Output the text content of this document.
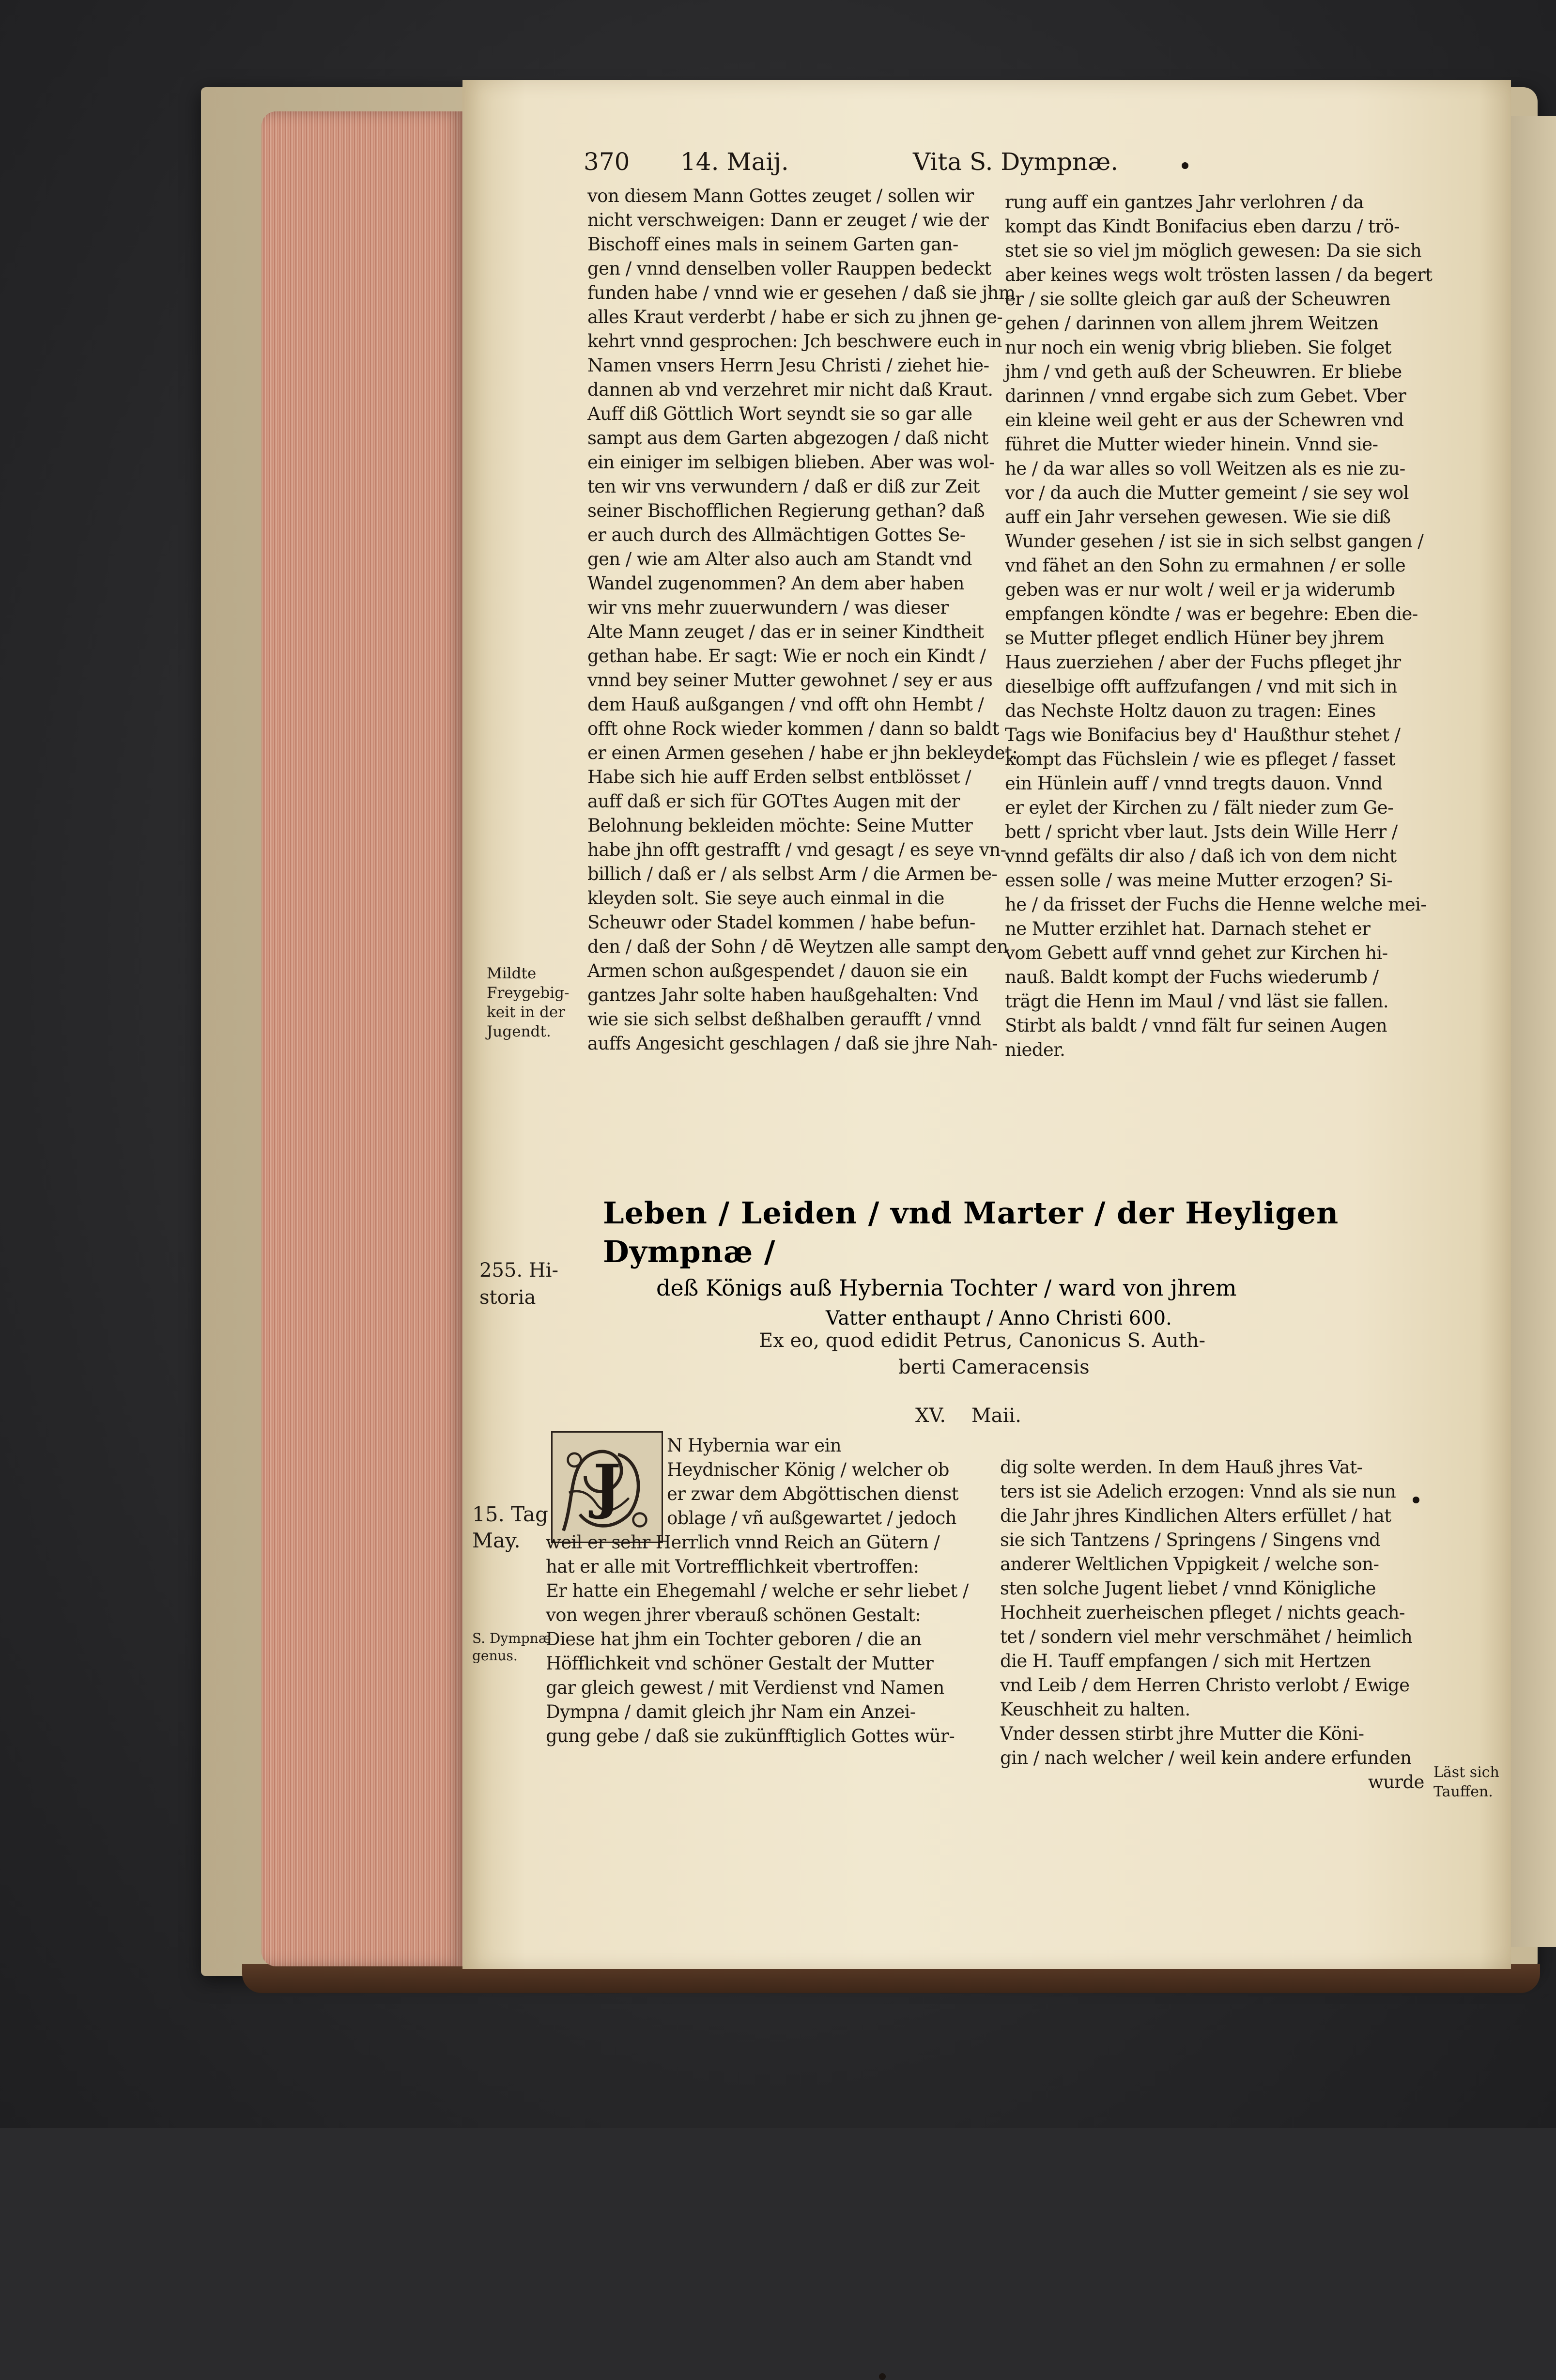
370 14. Maij.	Vita S. Dympnæ.
von diesem Mann Gottes zeuget / sollen wir
nicht verschweigen: Dann er zeuget / wie der
Bischoff eines mals in seinem Garten gan-
gen / vnnd denselben voller Rauppen bedeckt
funden habe / vnnd wie er gesehen / daß sie jhm
alles Kraut verderbt / habe er sich zu jhnen ge-
kehrt vnnd gesprochen: Jch beschwere euch in
Namen vnsers Herrn Jesu Christi / ziehet hie-
dannen ab vnd verzehret mir nicht daß Kraut.
Auff diß Göttlich Wort seyndt sie so gar alle
sampt aus dem Garten abgezogen / daß nicht
ein einiger im selbigen blieben. Aber was wol-
ten wir vns verwundern / daß er diß zur Zeit
seiner Bischofflichen Regierung gethan? daß
er auch durch des Allmächtigen Gottes Se-
gen / wie am Alter also auch am Standt vnd
Wandel zugenommen? An dem aber haben
wir vns mehr zuuerwundern / was dieser
Alte Mann zeuget / das er in seiner Kindtheit
gethan habe. Er sagt: Wie er noch ein Kindt /
vnnd bey seiner Mutter gewohnet / sey er aus
dem Hauß außgangen / vnd offt ohn Hembt /
offt ohne Rock wieder kommen / dann so baldt
er einen Armen gesehen / habe er jhn bekleydet:
Habe sich hie auff Erden selbst entblösset /
auff daß er sich für GOTtes Augen mit der
Belohnung bekleiden möchte: Seine Mutter
habe jhn offt gestrafft / vnd gesagt / es seye vn-
billich / daß er / als selbst Arm / die Armen be-
kleyden solt. Sie seye auch einmal in die
Scheuwr oder Stadel kommen / habe befun-
den / daß der Sohn / dē Weytzen alle sampt den
Armen schon außgespendet / dauon sie ein
gantzes Jahr solte haben haußgehalten: Vnd
wie sie sich selbst deßhalben geraufft / vnnd
auffs Angesicht geschlagen / daß sie jhre Nah-
rung auff ein gantzes Jahr verlohren / da
kompt das Kindt Bonifacius eben darzu / trö-
stet sie so viel jm möglich gewesen: Da sie sich
aber keines wegs wolt trösten lassen / da begert
er / sie sollte gleich gar auß der Scheuwren
gehen / darinnen von allem jhrem Weitzen
nur noch ein wenig vbrig blieben. Sie folget
jhm / vnd geth auß der Scheuwren. Er bliebe
darinnen / vnnd ergabe sich zum Gebet. Vber
ein kleine weil geht er aus der Schewren vnd
führet die Mutter wieder hinein. Vnnd sie-
he / da war alles so voll Weitzen als es nie zu-
vor / da auch die Mutter gemeint / sie sey wol
auff ein Jahr versehen gewesen. Wie sie diß
Wunder gesehen / ist sie in sich selbst gangen /
vnd fähet an den Sohn zu ermahnen / er solle
geben was er nur wolt / weil er ja widerumb
empfangen köndte / was er begehre: Eben die-
se Mutter pfleget endlich Hüner bey jhrem
Haus zuerziehen / aber der Fuchs pfleget jhr
dieselbige offt auffzufangen / vnd mit sich in
das Nechste Holtz dauon zu tragen: Eines
Tags wie Bonifacius bey d' Haußthur stehet /
kompt das Füchslein / wie es pfleget / fasset
ein Hünlein auff / vnnd tregts dauon. Vnnd
er eylet der Kirchen zu / fält nieder zum Ge-
bett / spricht vber laut. Jsts dein Wille Herr /
vnnd gefälts dir also / daß ich von dem nicht
essen solle / was meine Mutter erzogen? Si-
he / da frisset der Fuchs die Henne welche mei-
ne Mutter erzihlet hat. Darnach stehet er
vom Gebett auff vnnd gehet zur Kirchen hi-
nauß. Baldt kompt der Fuchs wiederumb /
trägt die Henn im Maul / vnd läst sie fallen.
Stirbt als baldt / vnnd fält fur seinen Augen
nieder.
Mildte
Freygebig-
keit in der
Jugendt.
255. Hi-
storia
Leben / Leiden / vnd Marter / der Heyligen Dympnæ /
deß Königs auß Hybernia Tochter / ward von jhrem
Vatter enthaupt / Anno Christi 600.
Ex eo, quod edidit Petrus, Canonicus S. Auth-
berti Cameracensis
XV. Maii.
15. Tag
May.
S. Dympnæ
genus.
J
N Hybernia war ein
Heydnischer König / welcher ob
er zwar dem Abgöttischen dienst
oblage / vñ außgewartet / jedoch
weil er sehr Herrlich vnnd Reich an Gütern /
hat er alle mit Vortrefflichkeit vbertroffen:
Er hatte ein Ehegemahl / welche er sehr liebet /
von wegen jhrer vberauß schönen Gestalt:
Diese hat jhm ein Tochter geboren / die an
Höfflichkeit vnd schöner Gestalt der Mutter
gar gleich gewest / mit Verdienst vnd Namen
Dympna / damit gleich jhr Nam ein Anzei-
gung gebe / daß sie zukünfftiglich Gottes wür-
dig solte werden. In dem Hauß jhres Vat-
ters ist sie Adelich erzogen: Vnnd als sie nun
die Jahr jhres Kindlichen Alters erfüllet / hat
sie sich Tantzens / Springens / Singens vnd
anderer Weltlichen Vppigkeit / welche son-
sten solche Jugent liebet / vnnd Königliche
Hochheit zuerheischen pfleget / nichts geach-
tet / sondern viel mehr verschmähet / heimlich
die H. Tauff empfangen / sich mit Hertzen
vnd Leib / dem Herren Christo verlobt / Ewige
Keuschheit zu halten.
Vnder dessen stirbt jhre Mutter die Köni-
gin / nach welcher / weil kein andere erfunden
wurde Läst sich
Tauffen.
